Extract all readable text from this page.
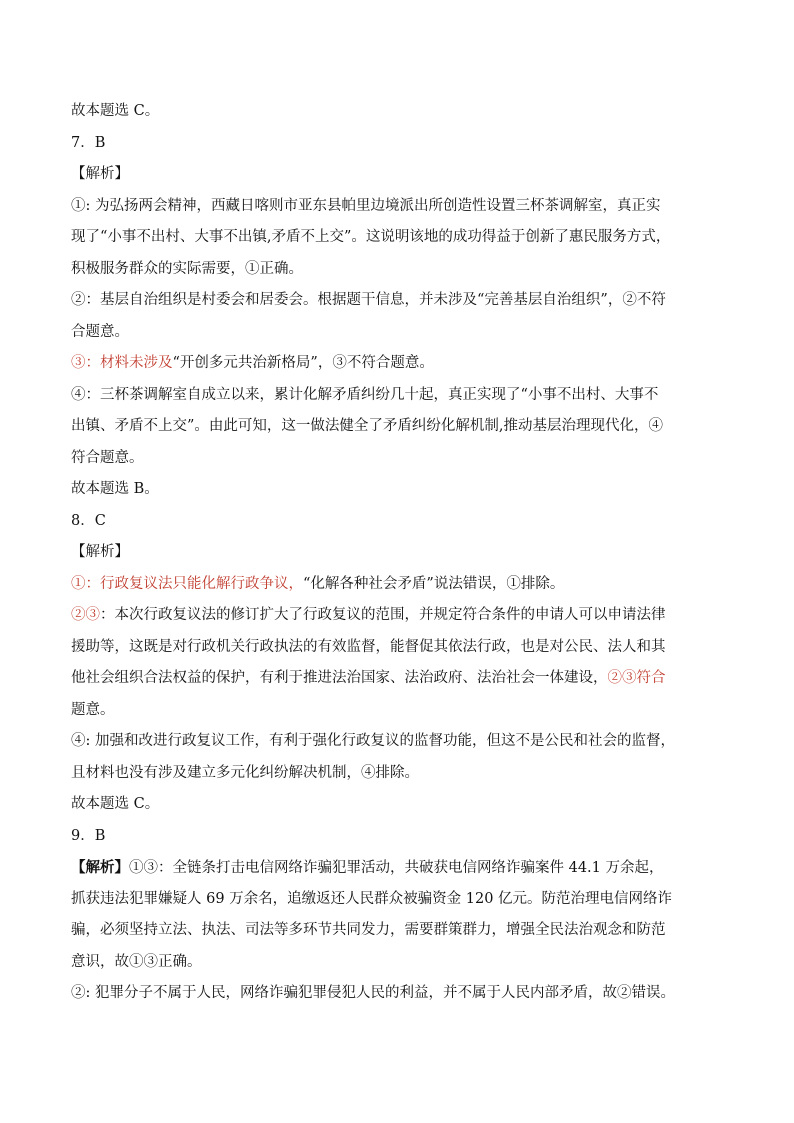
故本题选 C。
7．B
【解析】
①: 为弘扬两会精神，西藏日喀则市亚东县帕里边境派出所创造性设置三杯茶调解室，真正实
现了“小事不出村、大事不出镇,矛盾不上交”。这说明该地的成功得益于创新了惠民服务方式，
积极服务群众的实际需要，①正确。
②：基层自治组织是村委会和居委会。根据题干信息，并未涉及“完善基层自治组织”，②不符
合题意。
③：材料未涉及“开创多元共治新格局”，③不符合题意。
④：三杯茶调解室自成立以来，累计化解矛盾纠纷几十起，真正实现了“小事不出村、大事不
出镇、矛盾不上交”。由此可知，这一做法健全了矛盾纠纷化解机制,推动基层治理现代化，④
符合题意。
故本题选 B。
8．C
【解析】
①：行政复议法只能化解行政争议，“化解各种社会矛盾”说法错误，①排除。
②③：本次行政复议法的修订扩大了行政复议的范围，并规定符合条件的申请人可以申请法律
援助等，这既是对行政机关行政执法的有效监督，能督促其依法行政，也是对公民、法人和其
他社会组织合法权益的保护，有利于推进法治国家、法治政府、法治社会一体建设，②③符合
题意。
④: 加强和改进行政复议工作，有利于强化行政复议的监督功能，但这不是公民和社会的监督，
且材料也没有涉及建立多元化纠纷解决机制，④排除。
故本题选 C。
9．B
【解析】①③：全链条打击电信网络诈骗犯罪活动，共破获电信网络诈骗案件 44.1 万余起，
抓获违法犯罪嫌疑人 69 万余名，追缴返还人民群众被骗资金 120 亿元。防范治理电信网络诈
骗，必须坚持立法、执法、司法等多环节共同发力，需要群策群力，增强全民法治观念和防范
意识，故①③正确。
②: 犯罪分子不属于人民，网络诈骗犯罪侵犯人民的利益，并不属于人民内部矛盾，故②错误。
